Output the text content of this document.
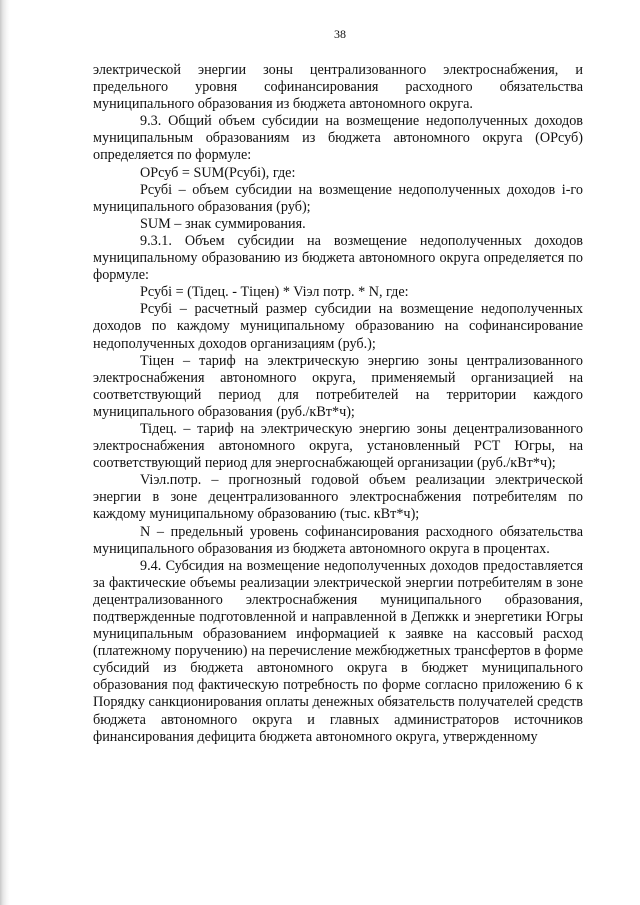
38

электрической энергии зоны централизованного электроснабжения, и предельного уровня софинансирования расходного обязательства муниципального образования из бюджета автономного округа.

9.3. Общий объем субсидии на возмещение недополученных доходов муниципальным образованиям из бюджета автономного округа (ОРсуб) определяется по формуле:

ОРсуб = SUM(Pсубi), где:

Pсубi – объем субсидии на возмещение недополученных доходов i-го муниципального образования (руб);

SUM – знак суммирования.

9.3.1. Объем субсидии на возмещение недополученных доходов муниципальному образованию из бюджета автономного округа определяется по формуле:

Pсубi = (Tiдец. - Тiцен) * Viэл потр. * N, где:

Pсубi – расчетный размер субсидии на возмещение недополученных доходов по каждому муниципальному образованию на софинансирование недополученных доходов организациям (руб.);

Тiцен – тариф на электрическую энергию зоны централизованного электроснабжения автономного округа, применяемый организацией на соответствующий период для потребителей на территории каждого муниципального образования (руб./кВт*ч);

Tiдец. – тариф на электрическую энергию зоны децентрализованного электроснабжения автономного округа, установленный РСТ Югры, на соответствующий период для энергоснабжающей организации (руб./кВт*ч);

Viэл.потр. – прогнозный годовой объем реализации электрической энергии в зоне децентрализованного электроснабжения потребителям по каждому муниципальному образованию (тыс. кВт*ч);

N – предельный уровень софинансирования расходного обязательства муниципального образования из бюджета автономного округа в процентах.

9.4. Субсидия на возмещение недополученных доходов предоставляется за фактические объемы реализации электрической энергии потребителям в зоне децентрализованного электроснабжения муниципального образования, подтвержденные подготовленной и направленной в Депжкк и энергетики Югры муниципальным образованием информацией к заявке на кассовый расход (платежному поручению) на перечисление межбюджетных трансфертов в форме субсидий из бюджета автономного округа в бюджет муниципального образования под фактическую потребность по форме согласно приложению 6 к Порядку санкционирования оплаты денежных обязательств получателей средств бюджета автономного округа и главных администраторов источников финансирования дефицита бюджета автономного округа, утвержденному
